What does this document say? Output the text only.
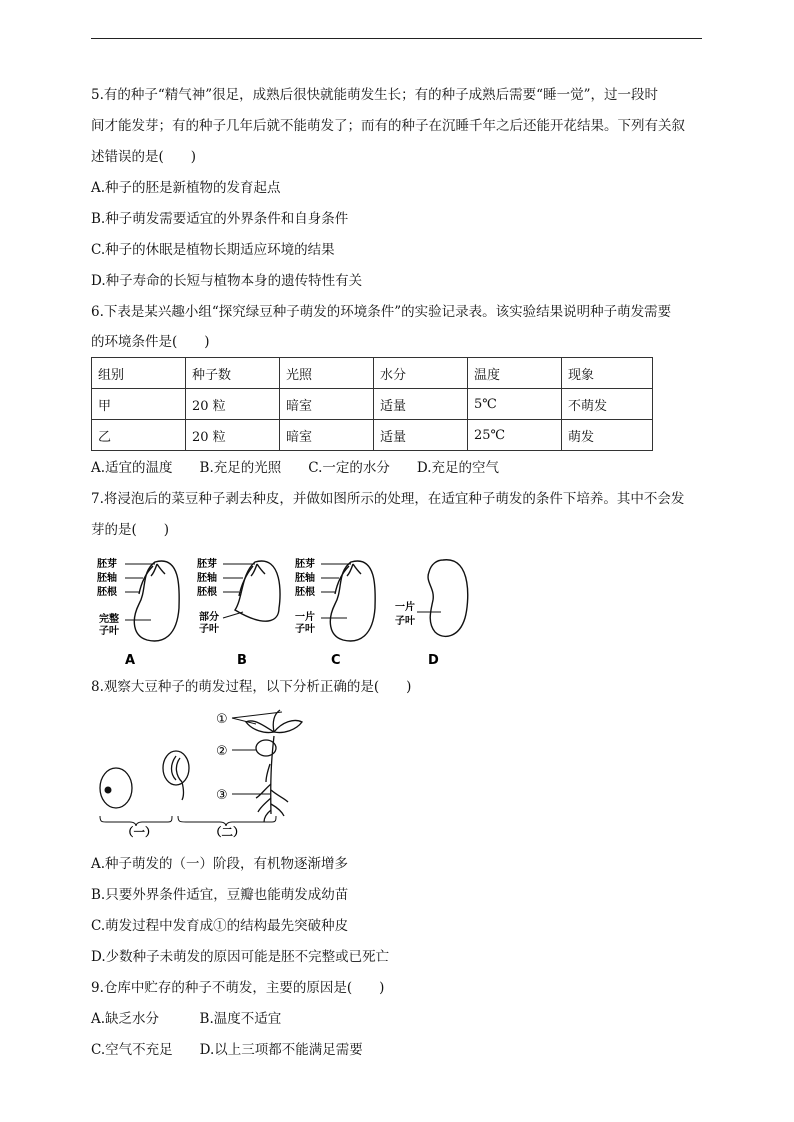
5.有的种子“精气神”很足，成熟后很快就能萌发生长；有的种子成熟后需要“睡一觉”，过一段时
间才能发芽；有的种子几年后就不能萌发了；而有的种子在沉睡千年之后还能开花结果。下列有关叙
述错误的是(　　)
A.种子的胚是新植物的发育起点
B.种子萌发需要适宜的外界条件和自身条件
C.种子的休眠是植物长期适应环境的结果
D.种子寿命的长短与植物本身的遗传特性有关
6.下表是某兴趣小组“探究绿豆种子萌发的环境条件”的实验记录表。该实验结果说明种子萌发需要
的环境条件是(　　)
组别	种子数	光照	水分	温度	现象
甲	20 粒	暗室	适量	5℃	不萌发
乙	20 粒	暗室	适量	25℃	萌发
A.适宜的温度　　B.充足的光照　　C.一定的水分　　D.充足的空气
7.将浸泡后的菜豆种子剥去种皮，并做如图所示的处理，在适宜种子萌发的条件下培养。其中不会发
芽的是(　　)
胚芽
胚轴
胚根
完整
子叶
胚芽
胚轴
胚根
部分
子叶
胚芽
胚轴
胚根
一片
子叶
一片
子叶
A	B	C	D
8.观察大豆种子的萌发过程，以下分析正确的是(　　)
①
②
③
（一）	（二）
A.种子萌发的（一）阶段，有机物逐渐增多
B.只要外界条件适宜，豆瓣也能萌发成幼苗
C.萌发过程中发育成①的结构最先突破种皮
D.少数种子未萌发的原因可能是胚不完整或已死亡
9.仓库中贮存的种子不萌发，主要的原因是(　　)
A.缺乏水分　　　B.温度不适宜
C.空气不充足　　D.以上三项都不能满足需要
